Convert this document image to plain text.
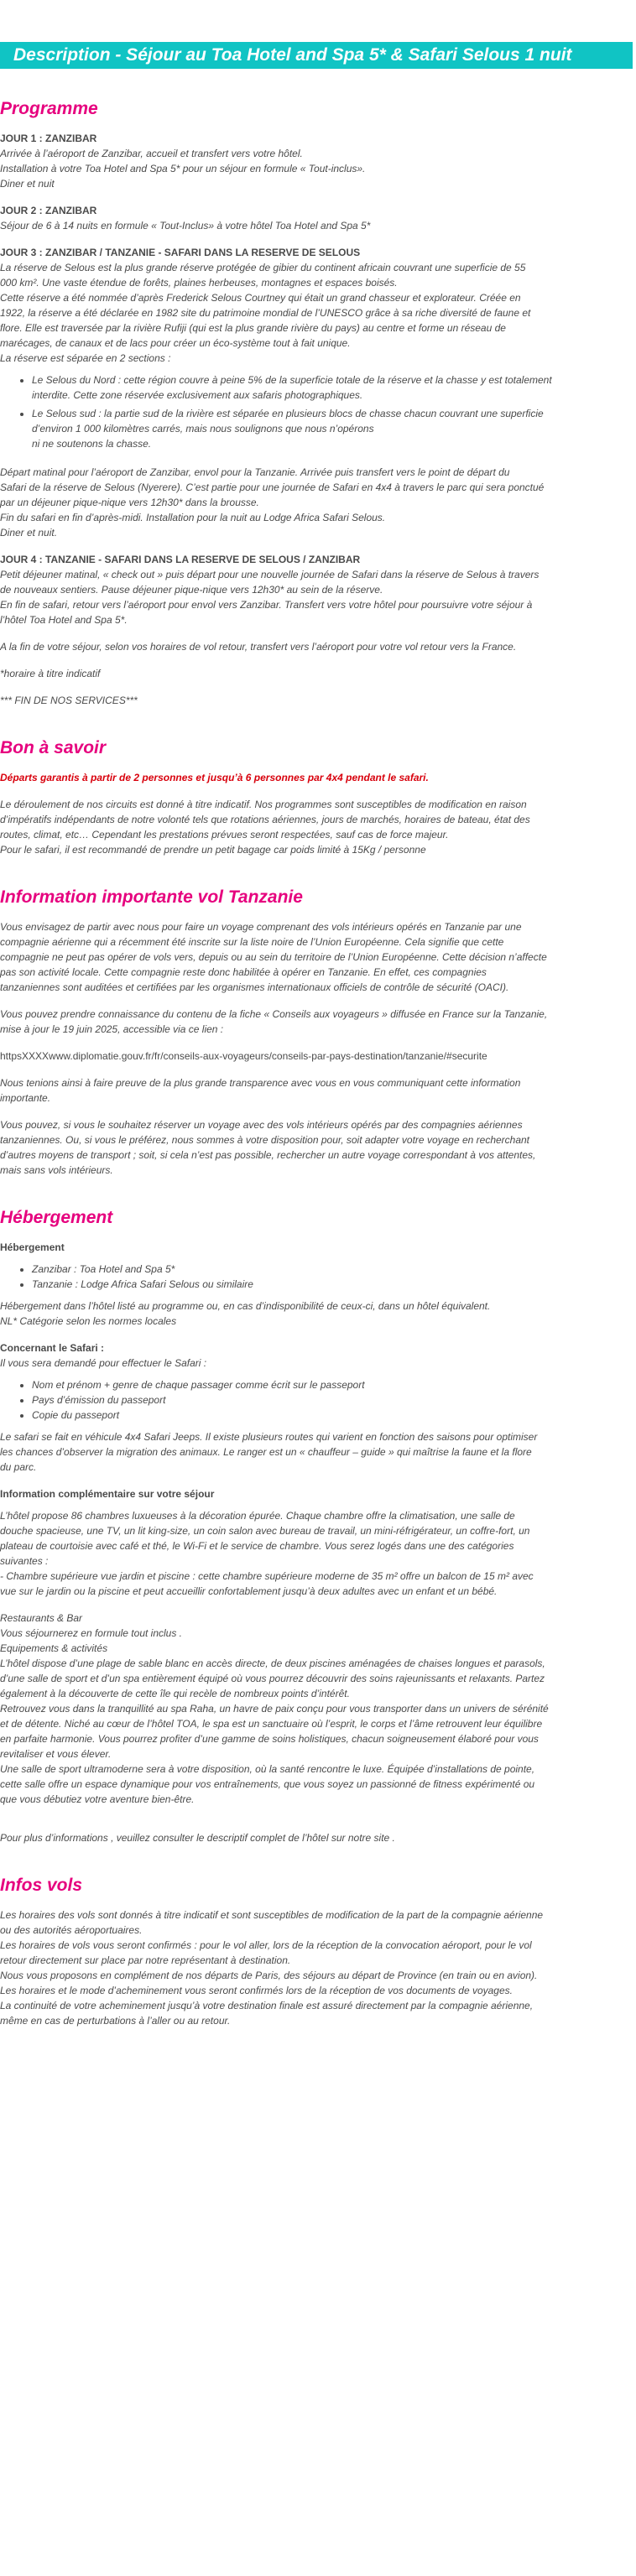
Description - Séjour au Toa Hotel and Spa 5* & Safari Selous 1 nuit
Programme

JOUR 1 : ZANZIBAR

Arrivée à l’aéroport de Zanzibar, accueil et transfert vers votre hôtel.

Installation à votre Toa Hotel and Spa 5* pour un séjour en formule « Tout-inclus».

Diner et nuit

JOUR 2 : ZANZIBAR

Séjour de 6 à 14 nuits en formule « Tout-Inclus» à votre hôtel Toa Hotel and Spa 5*

JOUR 3 : ZANZIBAR / TANZANIE - SAFARI DANS LA RESERVE DE SELOUS

La réserve de Selous est la plus grande réserve protégée de gibier du continent africain couvrant une superficie de 55

000 km². Une vaste étendue de forêts, plaines herbeuses, montagnes et espaces boisés.

Cette réserve a été nommée d’après Frederick Selous Courtney qui était un grand chasseur et explorateur. Créée en

1922, la réserve a été déclarée en 1982 site du patrimoine mondial de l’UNESCO grâce à sa riche diversité de faune et

flore. Elle est traversée par la rivière Rufiji (qui est la plus grande rivière du pays) au centre et forme un réseau de

marécages, de canaux et de lacs pour créer un éco-système tout à fait unique.

La réserve est séparée en 2 sections :

• Le Selous du Nord : cette région couvre à peine 5% de la superficie totale de la réserve et la chasse y est totalement
interdite. Cette zone réservée exclusivement aux safaris photographiques.
• Le Selous sud : la partie sud de la rivière est séparée en plusieurs blocs de chasse chacun couvrant une superficie
d’environ 1 000 kilomètres carrés, mais nous soulignons que nous n’opérons
ni ne soutenons la chasse.

Départ matinal pour l’aéroport de Zanzibar, envol pour la Tanzanie. Arrivée puis transfert vers le point de départ du

Safari de la réserve de Selous (Nyerere). C’est partie pour une journée de Safari en 4x4 à travers le parc qui sera ponctué

par un déjeuner pique-nique vers 12h30* dans la brousse.

Fin du safari en fin d’après-midi. Installation pour la nuit au Lodge Africa Safari Selous.

Diner et nuit.

JOUR 4 : TANZANIE - SAFARI DANS LA RESERVE DE SELOUS / ZANZIBAR

Petit déjeuner matinal, « check out » puis départ pour une nouvelle journée de Safari dans la réserve de Selous à travers

de nouveaux sentiers. Pause déjeuner pique-nique vers 12h30* au sein de la réserve.

En fin de safari, retour vers l’aéroport pour envol vers Zanzibar. Transfert vers votre hôtel pour poursuivre votre séjour à

l’hôtel Toa Hotel and Spa 5*.

A la fin de votre séjour, selon vos horaires de vol retour, transfert vers l’aéroport pour votre vol retour vers la France.

*horaire à titre indicatif

*** FIN DE NOS SERVICES***

Bon à savoir

Départs garantis à partir de 2 personnes et jusqu’à 6 personnes par 4x4 pendant le safari.

Le déroulement de nos circuits est donné à titre indicatif. Nos programmes sont susceptibles de modification en raison

d’impératifs indépendants de notre volonté tels que rotations aériennes, jours de marchés, horaires de bateau, état des

routes, climat, etc… Cependant les prestations prévues seront respectées, sauf cas de force majeur.

Pour le safari, il est recommandé de prendre un petit bagage car poids limité à 15Kg / personne

Information importante vol Tanzanie

Vous envisagez de partir avec nous pour faire un voyage comprenant des vols intérieurs opérés en Tanzanie par une

compagnie aérienne qui a récemment été inscrite sur la liste noire de l’Union Européenne. Cela signifie que cette

compagnie ne peut pas opérer de vols vers, depuis ou au sein du territoire de l’Union Européenne. Cette décision n’affecte

pas son activité locale. Cette compagnie reste donc habilitée à opérer en Tanzanie. En effet, ces compagnies

tanzaniennes sont auditées et certifiées par les organismes internationaux officiels de contrôle de sécurité (OACI).

Vous pouvez prendre connaissance du contenu de la fiche « Conseils aux voyageurs » diffusée en France sur la Tanzanie,

mise à jour le 19 juin 2025, accessible via ce lien :

httpsXXXXwww.diplomatie.gouv.fr/fr/conseils-aux-voyageurs/conseils-par-pays-destination/tanzanie/#securite

Nous tenions ainsi à faire preuve de la plus grande transparence avec vous en vous communiquant cette information

importante.

Vous pouvez, si vous le souhaitez réserver un voyage avec des vols intérieurs opérés par des compagnies aériennes

tanzaniennes. Ou, si vous le préférez, nous sommes à votre disposition pour, soit adapter votre voyage en recherchant

d’autres moyens de transport ; soit, si cela n’est pas possible, rechercher un autre voyage correspondant à vos attentes,

mais sans vols intérieurs.

Hébergement

Hébergement

• Zanzibar : Toa Hotel and Spa 5*
• Tanzanie : Lodge Africa Safari Selous ou similaire

Hébergement dans l’hôtel listé au programme ou, en cas d’indisponibilité de ceux-ci, dans un hôtel équivalent.

NL* Catégorie selon les normes locales

Concernant le Safari :

Il vous sera demandé pour effectuer le Safari :

• Nom et prénom + genre de chaque passager comme écrit sur le passeport
• Pays d’émission du passeport
• Copie du passeport

Le safari se fait en véhicule 4x4 Safari Jeeps. Il existe plusieurs routes qui varient en fonction des saisons pour optimiser

les chances d’observer la migration des animaux. Le ranger est un « chauffeur – guide » qui maîtrise la faune et la flore

du parc.

Information complémentaire sur votre séjour

L’hôtel propose 86 chambres luxueuses à la décoration épurée. Chaque chambre offre la climatisation, une salle de

douche spacieuse, une TV, un lit king-size, un coin salon avec bureau de travail, un mini-réfrigérateur, un coffre-fort, un

plateau de courtoisie avec café et thé, le Wi-Fi et le service de chambre. Vous serez logés dans une des catégories

suivantes :

- Chambre supérieure vue jardin et piscine : cette chambre supérieure moderne de 35 m² offre un balcon de 15 m² avec

vue sur le jardin ou la piscine et peut accueillir confortablement jusqu’à deux adultes avec un enfant et un bébé.

Restaurants & Bar

Vous séjournerez en formule tout inclus .

Equipements & activités

L’hôtel dispose d’une plage de sable blanc en accès directe, de deux piscines aménagées de chaises longues et parasols,

d’une salle de sport et d’un spa entièrement équipé où vous pourrez découvrir des soins rajeunissants et relaxants. Partez

également à la découverte de cette île qui recèle de nombreux points d’intérêt.

Retrouvez vous dans la tranquillité au spa Raha, un havre de paix conçu pour vous transporter dans un univers de sérénité

et de détente. Niché au cœur de l’hôtel TOA, le spa est un sanctuaire où l’esprit, le corps et l’âme retrouvent leur équilibre

en parfaite harmonie. Vous pourrez profiter d’une gamme de soins holistiques, chacun soigneusement élaboré pour vous

revitaliser et vous élever.

Une salle de sport ultramoderne sera à votre disposition, où la santé rencontre le luxe. Équipée d’installations de pointe,

cette salle offre un espace dynamique pour vos entraînements, que vous soyez un passionné de fitness expérimenté ou

que vous débutiez votre aventure bien-être.

Pour plus d’informations , veuillez consulter le descriptif complet de l’hôtel sur notre site .

Infos vols

Les horaires des vols sont donnés à titre indicatif et sont susceptibles de modification de la part de la compagnie aérienne

ou des autorités aéroportuaires.

Les horaires de vols vous seront confirmés : pour le vol aller, lors de la réception de la convocation aéroport, pour le vol

retour directement sur place par notre représentant à destination.

Nous vous proposons en complément de nos départs de Paris, des séjours au départ de Province (en train ou en avion).

Les horaires et le mode d’acheminement vous seront confirmés lors de la réception de vos documents de voyages.

La continuité de votre acheminement jusqu’à votre destination finale est assuré directement par la compagnie aérienne,

même en cas de perturbations à l’aller ou au retour.
